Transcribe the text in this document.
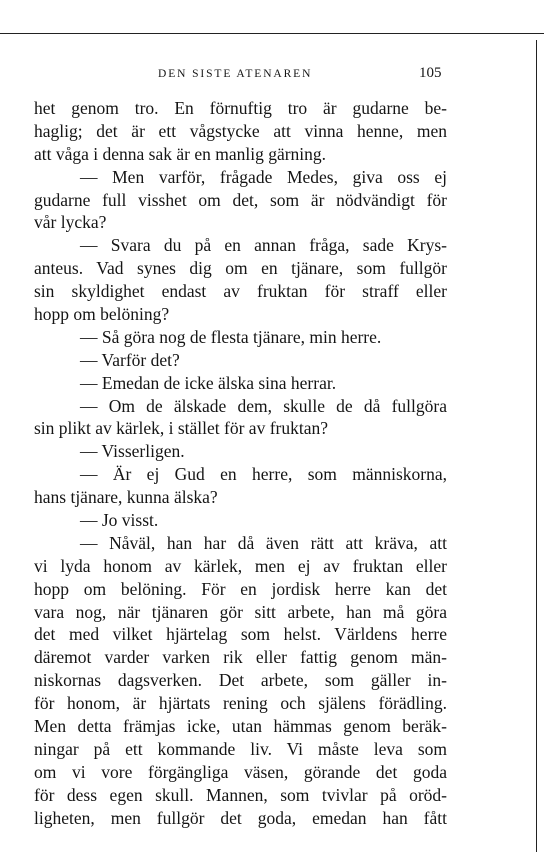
DEN SISTE ATENAREN	105
het genom tro. En förnuftig tro är gudarne be-
haglig; det är ett vågstycke att vinna henne, men
att våga i denna sak är en manlig gärning.
— Men varför, frågade Medes, giva oss ej
gudarne full visshet om det, som är nödvändigt för
vår lycka?
— Svara du på en annan fråga, sade Krys-
anteus. Vad synes dig om en tjänare, som fullgör
sin skyldighet endast av fruktan för straff eller
hopp om belöning?
— Så göra nog de flesta tjänare, min herre.
— Varför det?
— Emedan de icke älska sina herrar.
— Om de älskade dem, skulle de då fullgöra
sin plikt av kärlek, i stället för av fruktan?
— Visserligen.
— Är ej Gud en herre, som människorna,
hans tjänare, kunna älska?
— Jo visst.
— Nåväl, han har då även rätt att kräva, att
vi lyda honom av kärlek, men ej av fruktan eller
hopp om belöning. För en jordisk herre kan det
vara nog, när tjänaren gör sitt arbete, han må göra
det med vilket hjärtelag som helst. Världens herre
däremot varder varken rik eller fattig genom män-
niskornas dagsverken. Det arbete, som gäller in-
för honom, är hjärtats rening och själens förädling.
Men detta främjas icke, utan hämmas genom beräk-
ningar på ett kommande liv. Vi måste leva som
om vi vore förgängliga väsen, görande det goda
för dess egen skull. Mannen, som tvivlar på oröd-
ligheten, men fullgör det goda, emedan han fått
